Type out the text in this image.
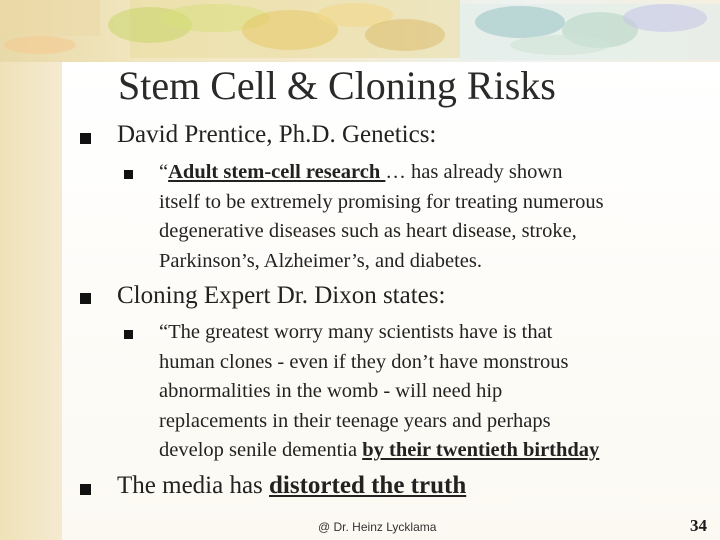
Stem Cell & Cloning Risks
David Prentice, Ph.D. Genetics:
“Adult stem-cell research … has already shown
itself to be extremely promising for treating numerous
degenerative diseases such as heart disease, stroke,
Parkinson’s, Alzheimer’s, and diabetes.
Cloning Expert Dr. Dixon states:
“The greatest worry many scientists have is that
human clones - even if they don’t have monstrous
abnormalities in the womb - will need hip
replacements in their teenage years and perhaps
develop senile dementia by their twentieth birthday
The media has distorted the truth
@ Dr. Heinz Lycklama	34
